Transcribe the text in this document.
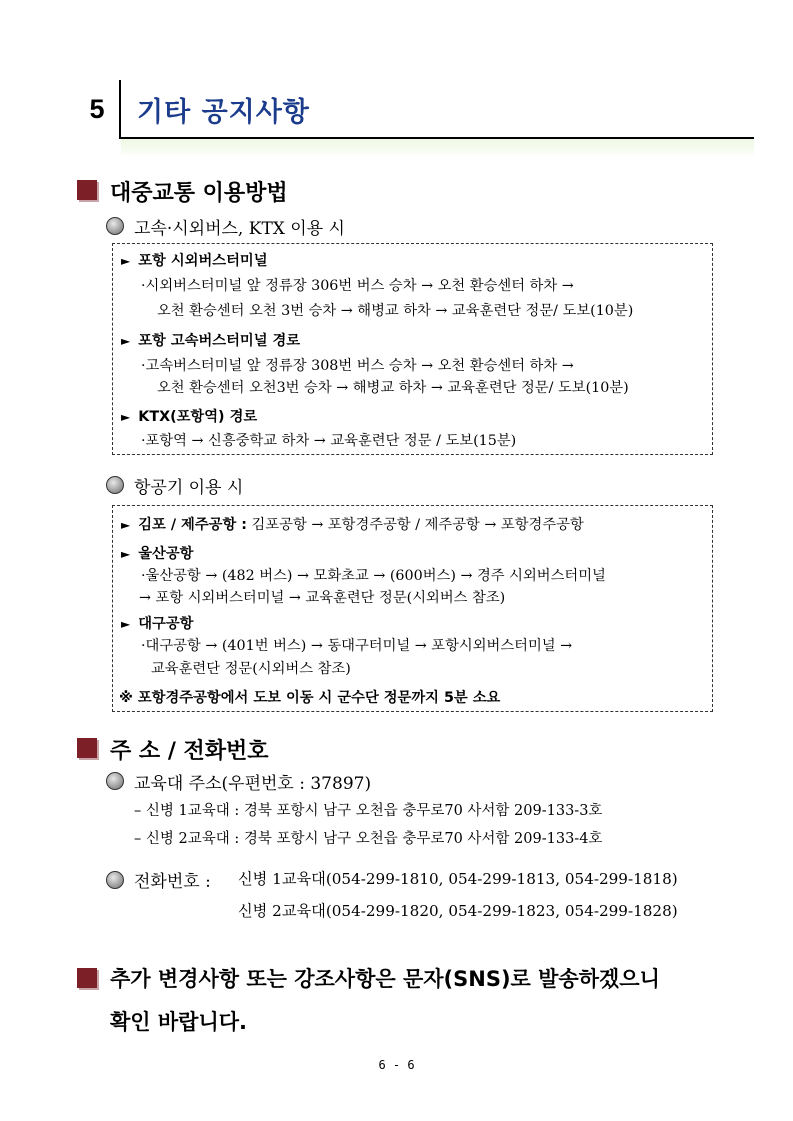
5	기타 공지사항
대중교통 이용방법
고속·시외버스, KTX 이용 시
► 포항 시외버스터미널
·시외버스터미널 앞 정류장 306번 버스 승차 → 오천 환승센터 하차 →
오천 환승센터 오천 3번 승차 → 해병교 하차 → 교육훈련단 정문/ 도보(10분)
► 포항 고속버스터미널 경로
·고속버스터미널 앞 정류장 308번 버스 승차 → 오천 환승센터 하차 →
오천 환승센터 오천3번 승차 → 해병교 하차 → 교육훈련단 정문/ 도보(10분)
► KTX(포항역) 경로
·포항역 → 신흥중학교 하차 → 교육훈련단 정문 / 도보(15분)
항공기 이용 시
► 김포 / 제주공항 : 김포공항 → 포항경주공항 / 제주공항 → 포항경주공항
► 울산공항
·울산공항 → (482 버스) → 모화초교 → (600버스) → 경주 시외버스터미널
→ 포항 시외버스터미널 → 교육훈련단 정문(시외버스 참조)
► 대구공항
·대구공항 → (401번 버스) → 동대구터미널 → 포항시외버스터미널 →
교육훈련단 정문(시외버스 참조)
※ 포항경주공항에서 도보 이동 시 군수단 정문까지 5분 소요
주 소 / 전화번호
교육대 주소(우편번호 : 37897)
– 신병 1교육대 : 경북 포항시 남구 오천읍 충무로70 사서함 209-133-3호
– 신병 2교육대 : 경북 포항시 남구 오천읍 충무로70 사서함 209-133-4호
전화번호 : 신병 1교육대(054-299-1810, 054-299-1813, 054-299-1818)
신병 2교육대(054-299-1820, 054-299-1823, 054-299-1828)
추가 변경사항 또는 강조사항은 문자(SNS)로 발송하겠으니
확인 바랍니다.
6 - 6
